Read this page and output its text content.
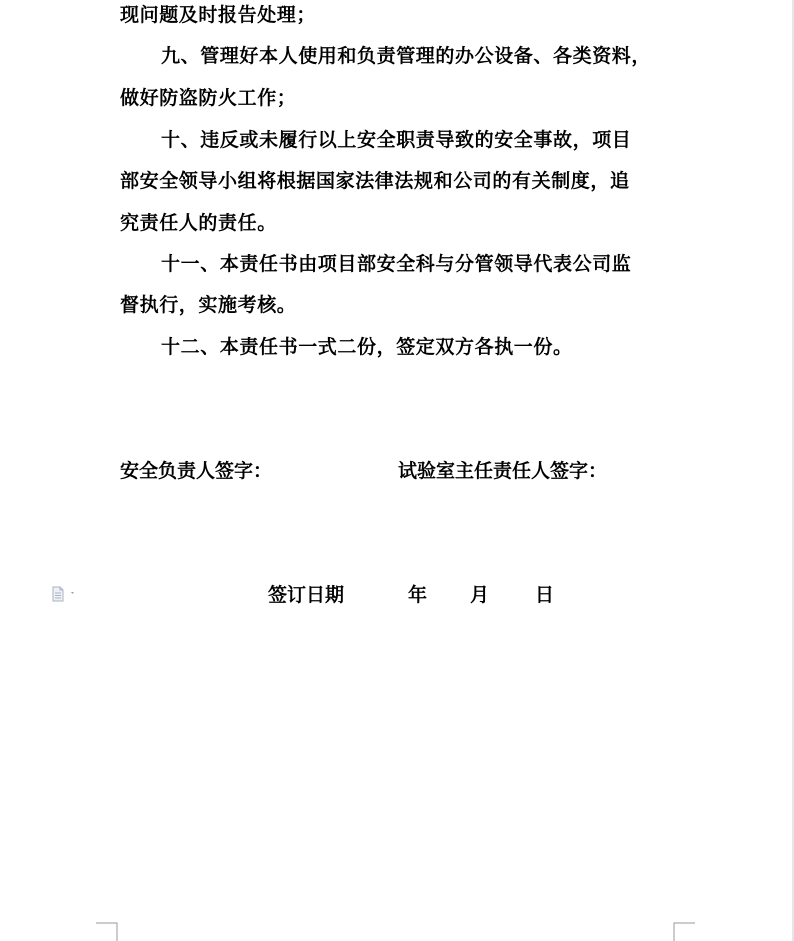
现问题及时报告处理；
九、管理好本人使用和负责管理的办公设备、各类资料，
做好防盗防火工作；
十、违反或未履行以上安全职责导致的安全事故，项目
部安全领导小组将根据国家法律法规和公司的有关制度，追
究责任人的责任。
十一、本责任书由项目部安全科与分管领导代表公司监
督执行，实施考核。
十二、本责任书一式二份，签定双方各执一份。
安全负责人签字：	试验室主任责任人签字：
签订日期	年 月 日
